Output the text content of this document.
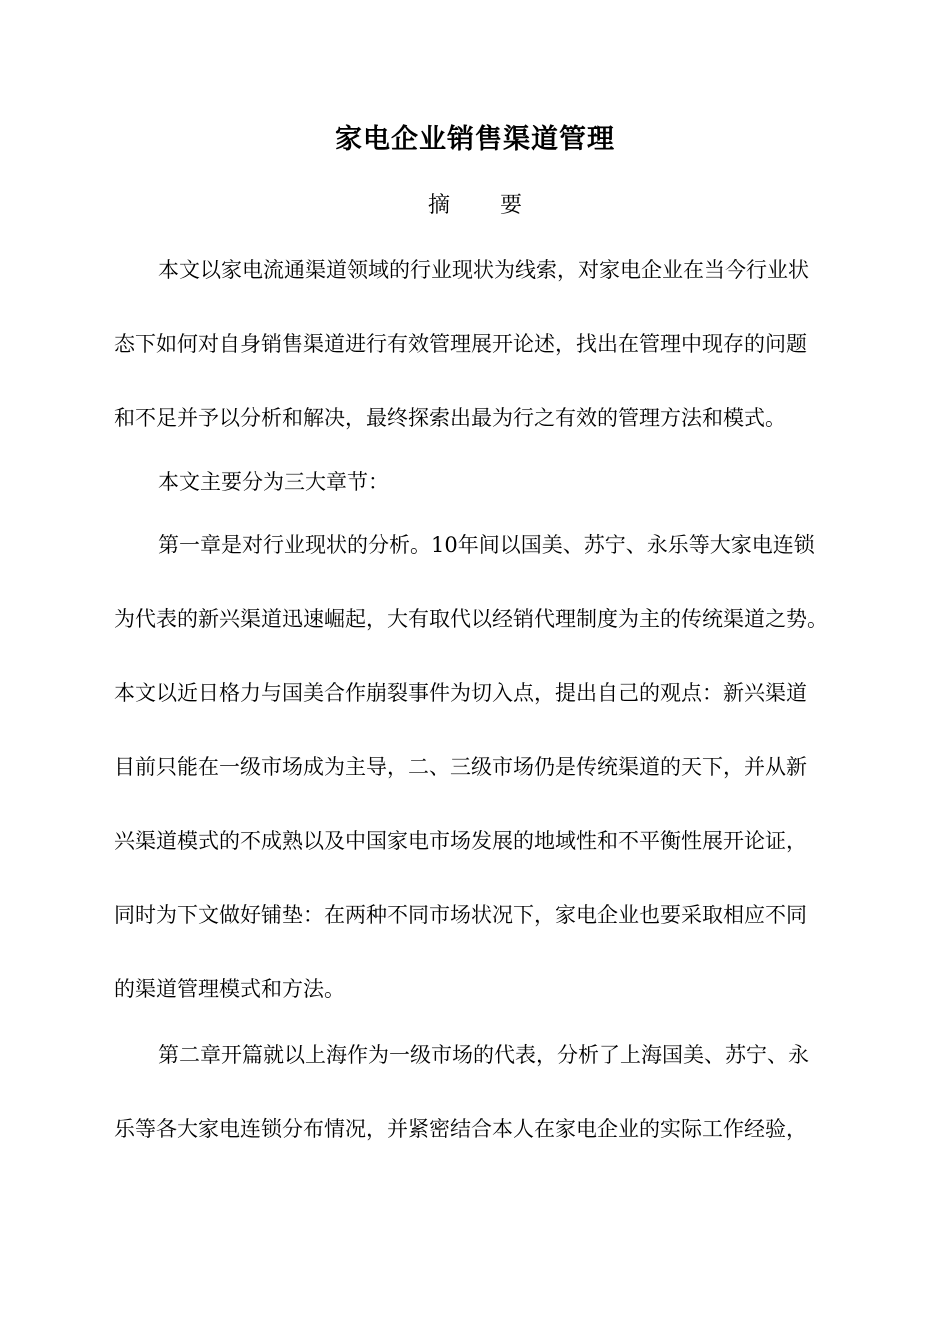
家电企业销售渠道管理
摘 要
本文以家电流通渠道领域的行业现状为线索，对家电企业在当今行业状
态下如何对自身销售渠道进行有效管理展开论述，找出在管理中现存的问题
和不足并予以分析和解决，最终探索出最为行之有效的管理方法和模式。
本文主要分为三大章节：
第一章是对行业现状的分析。10年间以国美、苏宁、永乐等大家电连锁
为代表的新兴渠道迅速崛起，大有取代以经销代理制度为主的传统渠道之势。
本文以近日格力与国美合作崩裂事件为切入点，提出自己的观点：新兴渠道
目前只能在一级市场成为主导，二、三级市场仍是传统渠道的天下，并从新
兴渠道模式的不成熟以及中国家电市场发展的地域性和不平衡性展开论证，
同时为下文做好铺垫：在两种不同市场状况下，家电企业也要采取相应不同
的渠道管理模式和方法。
第二章开篇就以上海作为一级市场的代表，分析了上海国美、苏宁、永
乐等各大家电连锁分布情况，并紧密结合本人在家电企业的实际工作经验，
